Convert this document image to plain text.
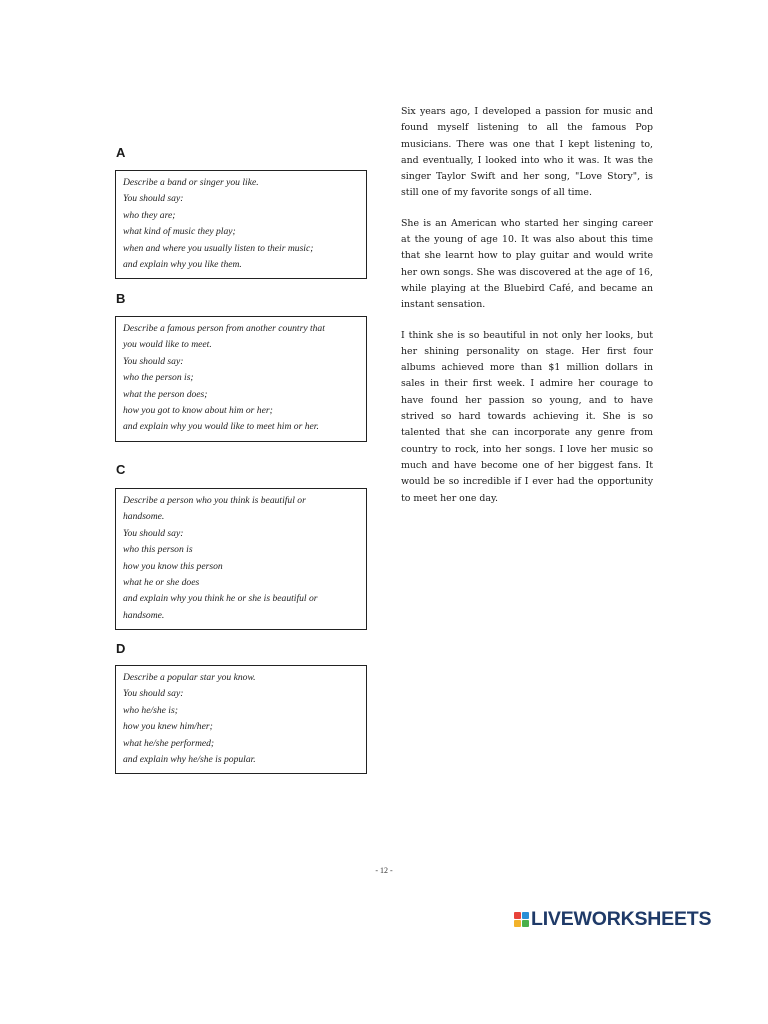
A
Describe a band or singer you like.
You should say:
who they are;
what kind of music they play;
when and where you usually listen to their music;
and explain why you like them.
B
Describe a famous person from another country that
you would like to meet.
You should say:
who the person is;
what the person does;
how you got to know about him or her;
and explain why you would like to meet him or her.
C
Describe a person who you think is beautiful or
handsome.
You should say:
who this person is
how you know this person
what he or she does
and explain why you think he or she is beautiful or
handsome.
D
Describe a popular star you know.
You should say:
who he/she is;
how you knew him/her;
what he/she performed;
and explain why he/she is popular.

Six years ago, I developed a passion for music and found myself listening to all the famous Pop musicians. There was one that I kept listening to, and eventually, I looked into who it was. It was the singer Taylor Swift and her song, "Love Story", is still one of my favorite songs of all time.

She is an American who started her singing career at the young of age 10. It was also about this time that she learnt how to play guitar and would write her own songs. She was discovered at the age of 16, while playing at the Bluebird Café, and became an instant sensation.

I think she is so beautiful in not only her looks, but her shining personality on stage. Her first four albums achieved more than $1 million dollars in sales in their first week. I admire her courage to have found her passion so young, and to have strived so hard towards achieving it. She is so talented that she can incorporate any genre from country to rock, into her songs. I love her music so much and have become one of her biggest fans. It would be so incredible if I ever had the opportunity to meet her one day.

- 12 -
LIVEWORKSHEETS
